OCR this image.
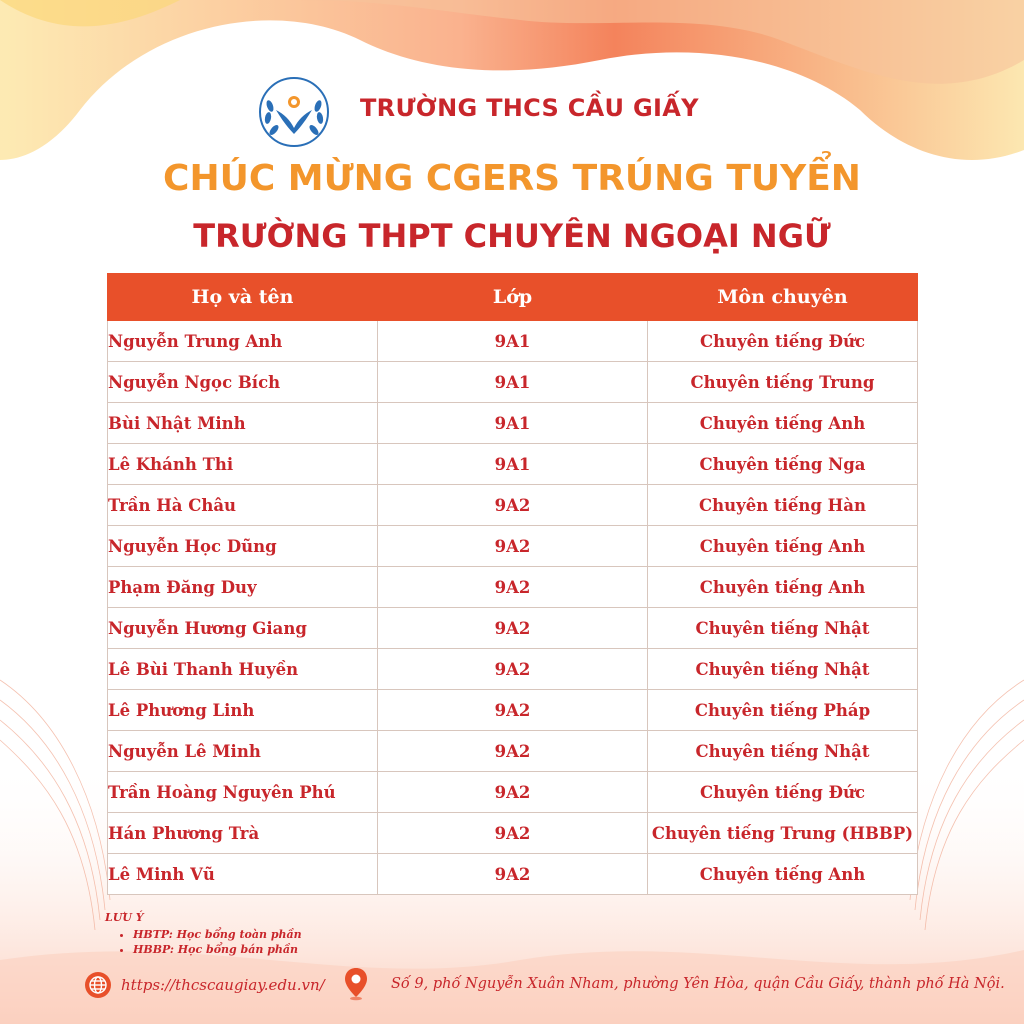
TRƯỜNG THCS CẦU GIẤY
CHÚC MỪNG CGERS TRÚNG TUYỂN
TRƯỜNG THPT CHUYÊN NGOẠI NGỮ
Họ và tên	Lớp	Môn chuyên
Nguyễn Trung Anh	9A1	Chuyên tiếng Đức
Nguyễn Ngọc Bích	9A1	Chuyên tiếng Trung
Bùi Nhật Minh	9A1	Chuyên tiếng Anh
Lê Khánh Thi	9A1	Chuyên tiếng Nga
Trần Hà Châu	9A2	Chuyên tiếng Hàn
Nguyễn Học Dũng	9A2	Chuyên tiếng Anh
Phạm Đăng Duy	9A2	Chuyên tiếng Anh
Nguyễn Hương Giang	9A2	Chuyên tiếng Nhật
Lê Bùi Thanh Huyền	9A2	Chuyên tiếng Nhật
Lê Phương Linh	9A2	Chuyên tiếng Pháp
Nguyễn Lê Minh	9A2	Chuyên tiếng Nhật
Trần Hoàng Nguyên Phú	9A2	Chuyên tiếng Đức
Hán Phương Trà	9A2	Chuyên tiếng Trung (HBBP)
Lê Minh Vũ	9A2	Chuyên tiếng Anh
LƯU Ý
• HBTP: Học bổng toàn phần
• HBBP: Học bổng bán phần
https://thcscaugiay.edu.vn/	Số 9, phố Nguyễn Xuân Nham, phường Yên Hòa, quận Cầu Giấy, thành phố Hà Nội.
